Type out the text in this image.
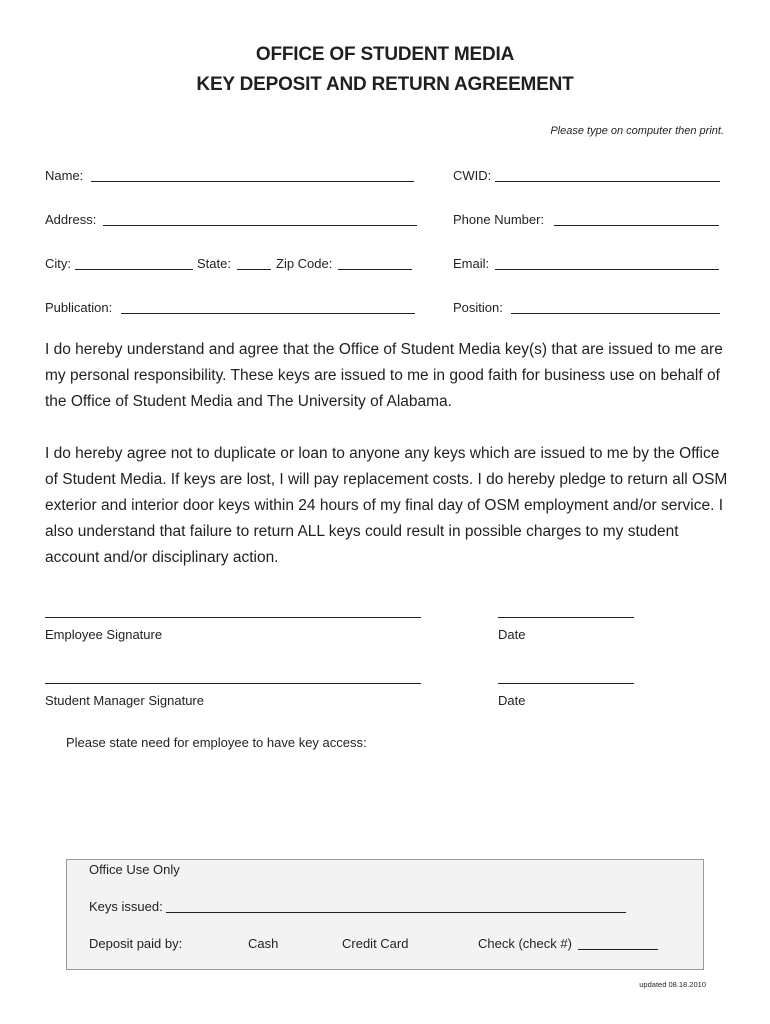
OFFICE OF STUDENT MEDIA
KEY DEPOSIT AND RETURN AGREEMENT
Please type on computer then print.
Name:	CWID:
Address:	Phone Number:
City:	State:	Zip Code:	Email:
Publication:	Position:

I do hereby understand and agree that the Office of Student Media key(s) that are issued to me are my personal responsibility. These keys are issued to me in good faith for business use on behalf of the Office of Student Media and The University of Alabama.

I do hereby agree not to duplicate or loan to anyone any keys which are issued to me by the Office of Student Media. If keys are lost, I will pay replacement costs. I do hereby pledge to return all OSM exterior and interior door keys within 24 hours of my final day of OSM employment and/or service. I also understand that failure to return ALL keys could result in possible charges to my student account and/or disciplinary action.

Employee Signature	Date
Student Manager Signature	Date
Please state need for employee to have key access:
Office Use Only
Keys issued:
Deposit paid by:	Cash	Credit Card	Check (check #)
updated 08.18.2010
